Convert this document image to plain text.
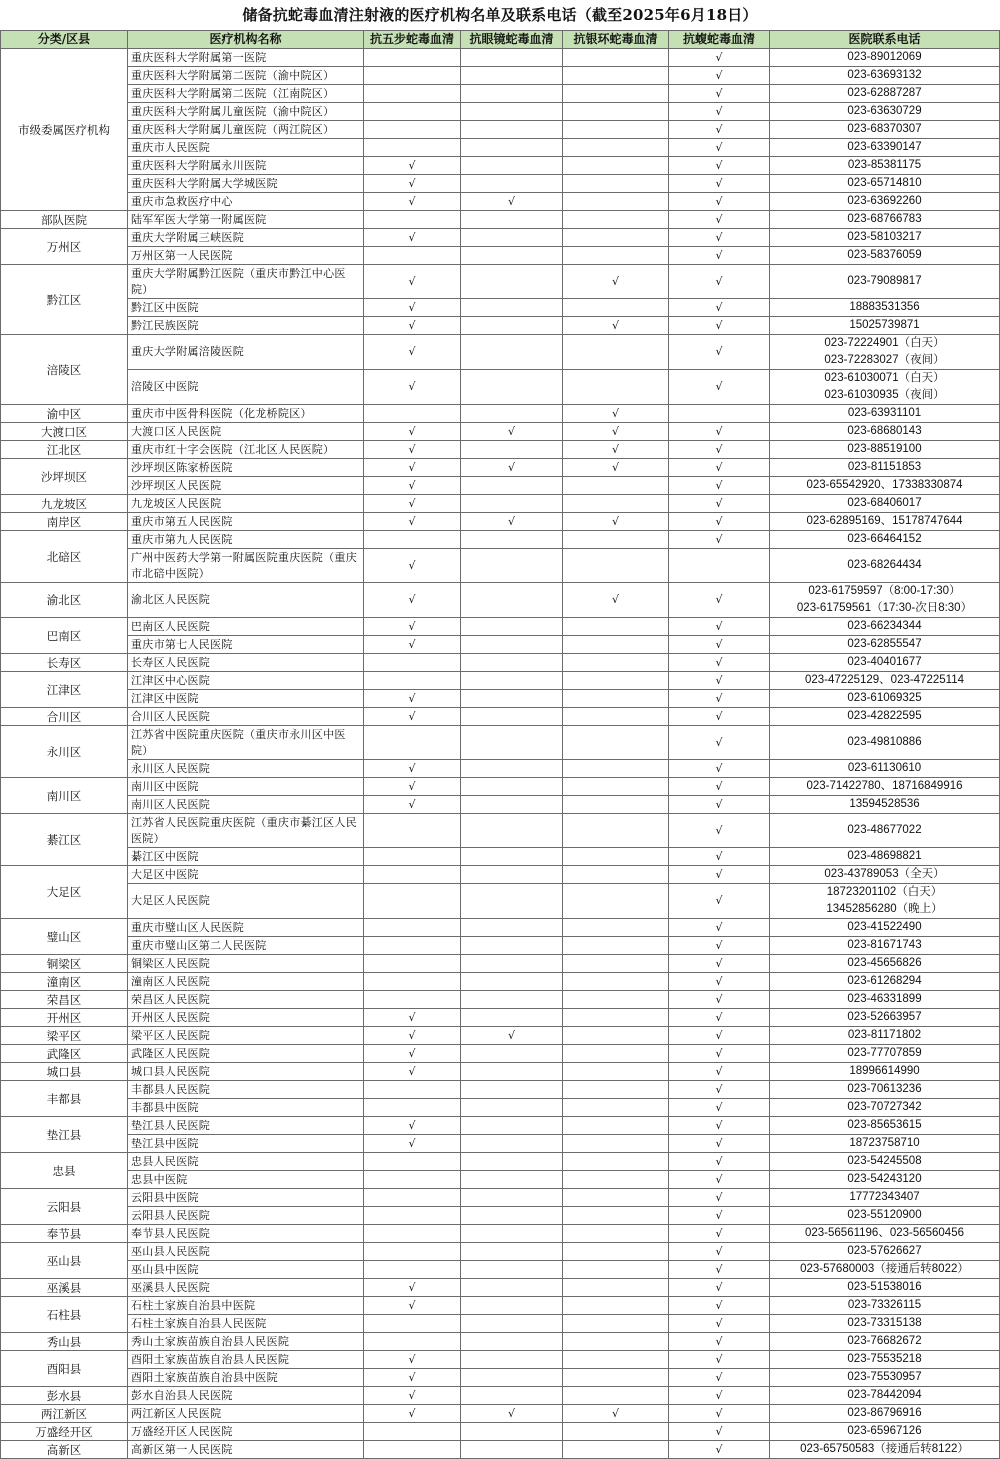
储备抗蛇毒血清注射液的医疗机构名单及联系电话（截至2025年6月18日）
分类/区县	医疗机构名称	抗五步蛇毒血清	抗眼镜蛇毒血清	抗银环蛇毒血清	抗蝮蛇毒血清	医院联系电话
市级委属医疗机构	重庆医科大学附属第一医院				√	023-89012069
	重庆医科大学附属第二医院（渝中院区）				√	023-63693132
	重庆医科大学附属第二医院（江南院区）				√	023-62887287
	重庆医科大学附属儿童医院（渝中院区）				√	023-63630729
	重庆医科大学附属儿童医院（两江院区）				√	023-68370307
	重庆市人民医院				√	023-63390147
	重庆医科大学附属永川医院	√			√	023-85381175
	重庆医科大学附属大学城医院	√			√	023-65714810
	重庆市急救医疗中心	√	√		√	023-63692260
部队医院	陆军军医大学第一附属医院				√	023-68766783
万州区	重庆大学附属三峡医院	√			√	023-58103217
	万州区第一人民医院				√	023-58376059
黔江区	重庆大学附属黔江医院（重庆市黔江中心医院）	√		√	√	023-79089817
	黔江区中医院	√			√	18883531356
	黔江民族医院	√		√	√	15025739871
涪陵区	重庆大学附属涪陵医院	√			√	023-72224901（白天）
023-72283027（夜间）
	涪陵区中医院	√			√	023-61030071（白天）
023-61030935（夜间）
渝中区	重庆市中医骨科医院（化龙桥院区）			√		023-63931101
大渡口区	大渡口区人民医院	√	√	√	√	023-68680143
江北区	重庆市红十字会医院（江北区人民医院）	√		√	√	023-88519100
沙坪坝区	沙坪坝区陈家桥医院	√	√	√	√	023-81151853
	沙坪坝区人民医院	√			√	023-65542920、17338330874
九龙坡区	九龙坡区人民医院	√			√	023-68406017
南岸区	重庆市第五人民医院	√	√	√	√	023-62895169、15178747644
北碚区	重庆市第九人民医院				√	023-66464152
	广州中医药大学第一附属医院重庆医院（重庆市北碚中医院）	√				023-68264434
渝北区	渝北区人民医院	√		√	√	023-61759597（8:00-17:30）
023-61759561（17:30-次日8:30）
巴南区	巴南区人民医院	√			√	023-66234344
	重庆市第七人民医院	√			√	023-62855547
长寿区	长寿区人民医院				√	023-40401677
江津区	江津区中心医院				√	023-47225129、023-47225114
	江津区中医院	√			√	023-61069325
合川区	合川区人民医院	√			√	023-42822595
永川区	江苏省中医院重庆医院（重庆市永川区中医院）				√	023-49810886
	永川区人民医院	√			√	023-61130610
南川区	南川区中医院	√			√	023-71422780、18716849916
	南川区人民医院	√			√	13594528536
綦江区	江苏省人民医院重庆医院（重庆市綦江区人民医院）				√	023-48677022
	綦江区中医院				√	023-48698821
大足区	大足区中医院				√	023-43789053（全天）
	大足区人民医院				√	18723201102（白天）
13452856280（晚上）
璧山区	重庆市璧山区人民医院				√	023-41522490
	重庆市璧山区第二人民医院				√	023-81671743
铜梁区	铜梁区人民医院				√	023-45656826
潼南区	潼南区人民医院				√	023-61268294
荣昌区	荣昌区人民医院				√	023-46331899
开州区	开州区人民医院	√			√	023-52663957
梁平区	梁平区人民医院	√	√		√	023-81171802
武隆区	武隆区人民医院	√			√	023-77707859
城口县	城口县人民医院	√			√	18996614990
丰都县	丰都县人民医院				√	023-70613236
	丰都县中医院				√	023-70727342
垫江县	垫江县人民医院	√			√	023-85653615
	垫江县中医院	√			√	18723758710
忠县	忠县人民医院				√	023-54245508
	忠县中医院				√	023-54243120
云阳县	云阳县中医院				√	17772343407
	云阳县人民医院				√	023-55120900
奉节县	奉节县人民医院				√	023-56561196、023-56560456
巫山县	巫山县人民医院				√	023-57626627
	巫山县中医院				√	023-57680003（接通后转8022）
巫溪县	巫溪县人民医院	√			√	023-51538016
石柱县	石柱土家族自治县中医院	√			√	023-73326115
	石柱土家族自治县人民医院				√	023-73315138
秀山县	秀山土家族苗族自治县人民医院				√	023-76682672
酉阳县	酉阳土家族苗族自治县人民医院	√			√	023-75535218
	酉阳土家族苗族自治县中医院	√			√	023-75530957
彭水县	彭水自治县人民医院	√			√	023-78442094
两江新区	两江新区人民医院	√	√	√	√	023-86796916
万盛经开区	万盛经开区人民医院				√	023-65967126
高新区	高新区第一人民医院				√	023-65750583（接通后转8122）
